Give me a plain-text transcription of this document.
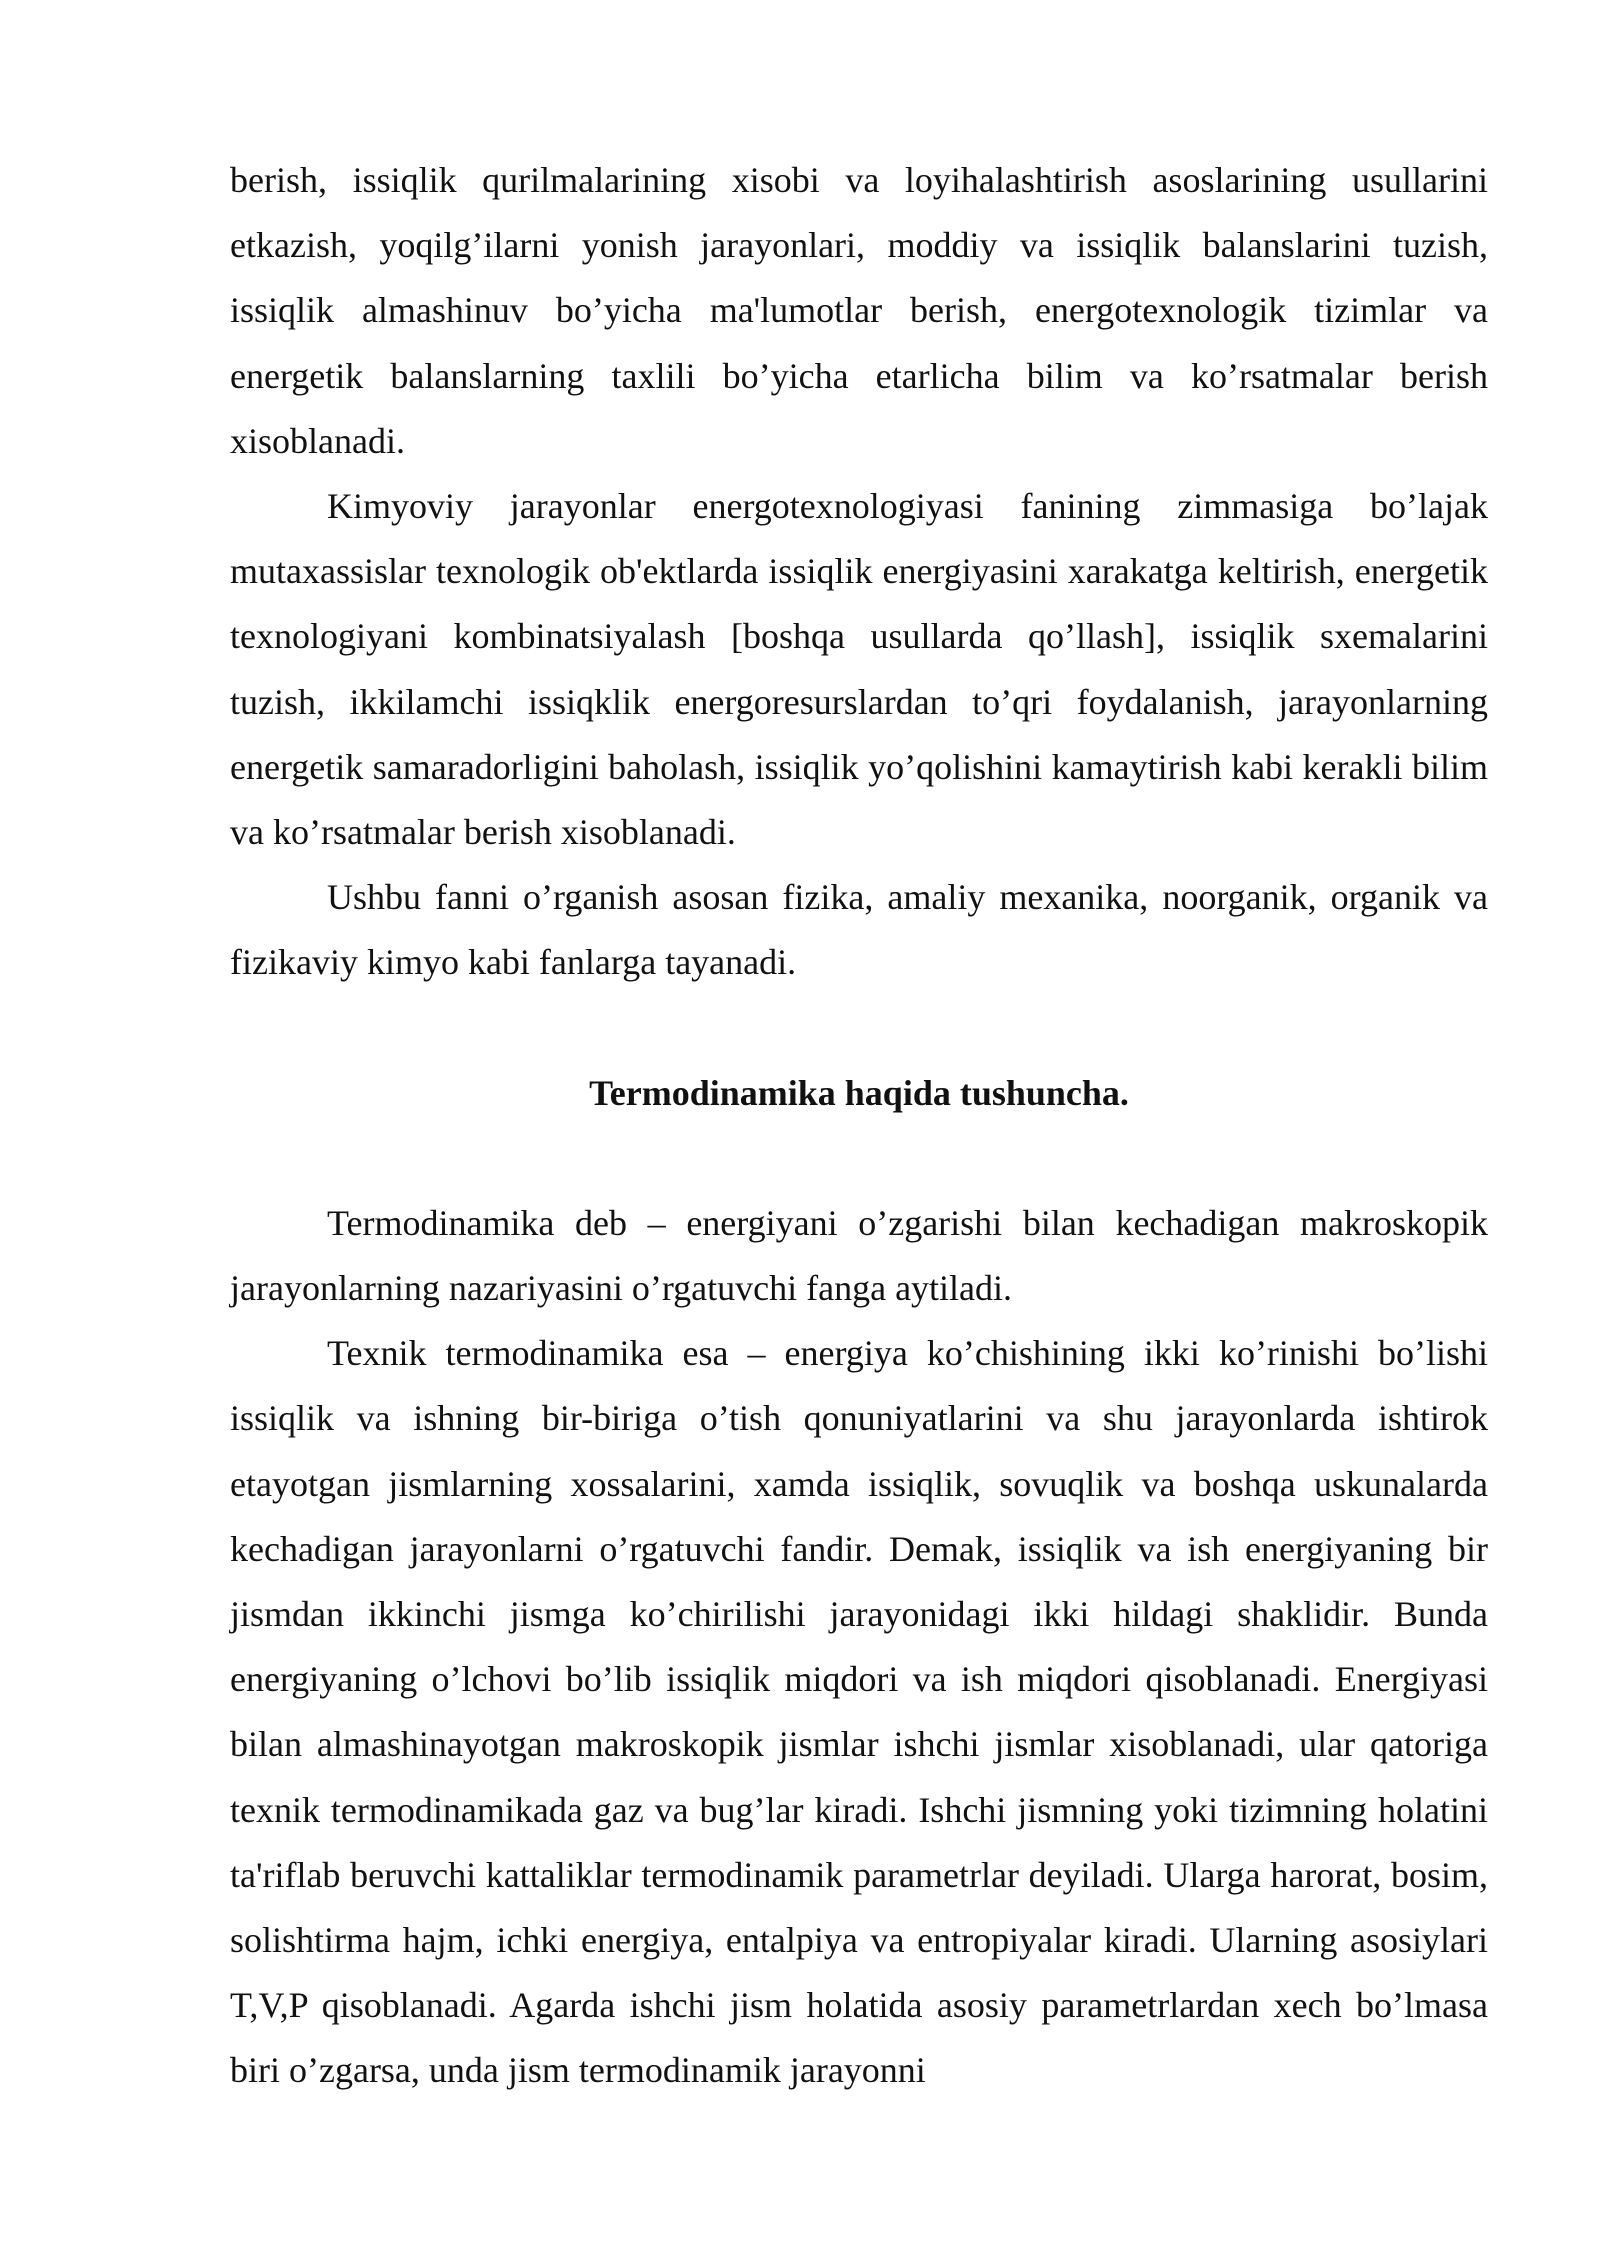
berish, issiqlik qurilmalarining xisobi va loyihalashtirish asoslarining usullarini etkazish, yoqilg’ilarni yonish jarayonlari, moddiy va issiqlik balanslarini tuzish, issiqlik almashinuv bo’yicha ma'lumotlar berish, energotexnologik tizimlar va energetik balanslarning taxlili bo’yicha etarlicha bilim va ko’rsatmalar berish xisoblanadi.

Kimyoviy jarayonlar energotexnologiyasi fanining zimmasiga bo’lajak mutaxassislar texnologik ob'ektlarda issiqlik energiyasini xarakatga keltirish, energetik texnologiyani kombinatsiyalash [boshqa usullarda qo’llash], issiqlik sxemalarini tuzish, ikkilamchi issiqklik energoresurslardan to’qri foydalanish, jarayonlarning energetik samaradorligini baholash, issiqlik yo’qolishini kamaytirish kabi kerakli bilim va ko’rsatmalar berish xisoblanadi.

Ushbu fanni o’rganish asosan fizika, amaliy mexanika, noorganik, organik va fizikaviy kimyo kabi fanlarga tayanadi.

Termodinamika haqida tushuncha.

Termodinamika deb – energiyani o’zgarishi bilan kechadigan makroskopik jarayonlarning nazariyasini o’rgatuvchi fanga aytiladi.

Texnik termodinamika esa – energiya ko’chishining ikki ko’rinishi bo’lishi issiqlik va ishning bir-biriga o’tish qonuniyatlarini va shu jarayonlarda ishtirok etayotgan jismlarning xossalarini, xamda issiqlik, sovuqlik va boshqa uskunalarda kechadigan jarayonlarni o’rgatuvchi fandir. Demak, issiqlik va ish energiyaning bir jismdan ikkinchi jismga ko’chirilishi jarayonidagi ikki hildagi shaklidir. Bunda energiyaning o’lchovi bo’lib issiqlik miqdori va ish miqdori qisoblanadi. Energiyasi bilan almashinayotgan makroskopik jismlar ishchi jismlar xisoblanadi, ular qatoriga texnik termodinamikada gaz va bug’lar kiradi. Ishchi jismning yoki tizimning holatini ta'riflab beruvchi kattaliklar termodinamik parametrlar deyiladi. Ularga harorat, bosim, solishtirma hajm, ichki energiya, entalpiya va entropiyalar kiradi. Ularning asosiylari T,V,P qisoblanadi. Agarda ishchi jism holatida asosiy parametrlardan xech bo’lmasa biri o’zgarsa, unda jism termodinamik jarayonni
